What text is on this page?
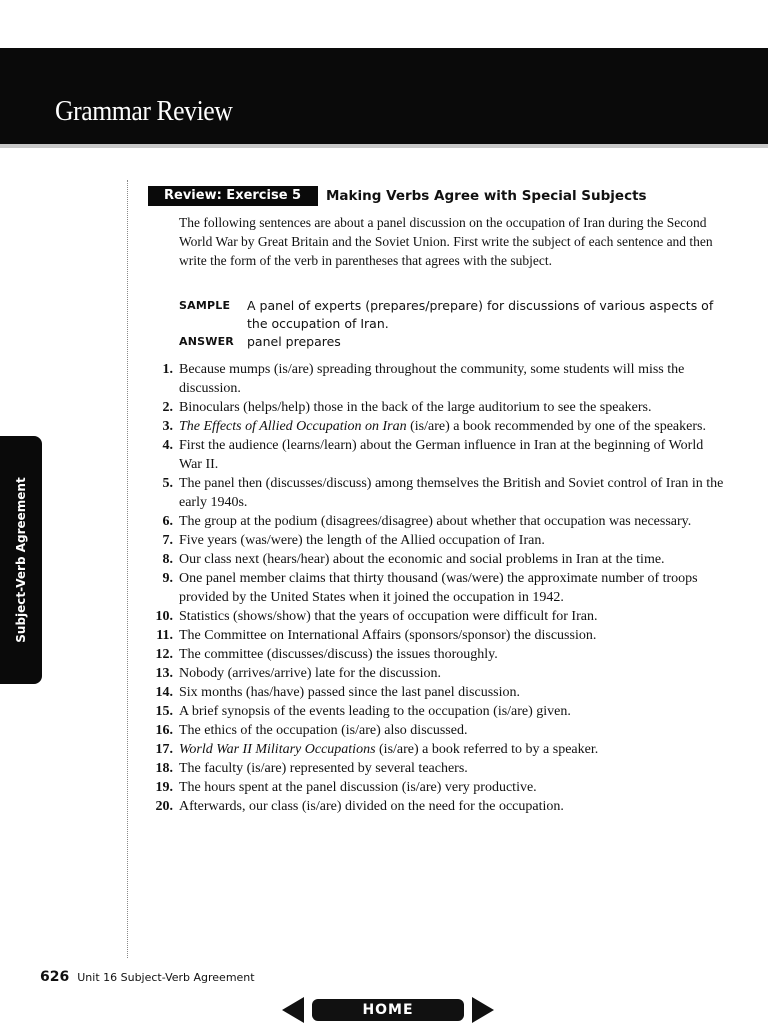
Grammar Review
Subject-Verb Agreement
Review: Exercise 5	Making Verbs Agree with Special Subjects
The following sentences are about a panel discussion on the occupation of Iran during the Second World War by Great Britain and the Soviet Union. First write the subject of each sentence and then write the form of the verb in parentheses that agrees with the subject.
SAMPLE	A panel of experts (prepares/prepare) for discussions of various aspects of the occupation of Iran.
ANSWER	panel prepares
1. Because mumps (is/are) spreading throughout the community, some students will miss the discussion.
2. Binoculars (helps/help) those in the back of the large auditorium to see the speakers.
3. The Effects of Allied Occupation on Iran (is/are) a book recommended by one of the speakers.
4. First the audience (learns/learn) about the German influence in Iran at the beginning of World War II.
5. The panel then (discusses/discuss) among themselves the British and Soviet control of Iran in the early 1940s.
6. The group at the podium (disagrees/disagree) about whether that occupation was necessary.
7. Five years (was/were) the length of the Allied occupation of Iran.
8. Our class next (hears/hear) about the economic and social problems in Iran at the time.
9. One panel member claims that thirty thousand (was/were) the approximate number of troops provided by the United States when it joined the occupation in 1942.
10. Statistics (shows/show) that the years of occupation were difficult for Iran.
11. The Committee on International Affairs (sponsors/sponsor) the discussion.
12. The committee (discusses/discuss) the issues thoroughly.
13. Nobody (arrives/arrive) late for the discussion.
14. Six months (has/have) passed since the last panel discussion.
15. A brief synopsis of the events leading to the occupation (is/are) given.
16. The ethics of the occupation (is/are) also discussed.
17. World War II Military Occupations (is/are) a book referred to by a speaker.
18. The faculty (is/are) represented by several teachers.
19. The hours spent at the panel discussion (is/are) very productive.
20. Afterwards, our class (is/are) divided on the need for the occupation.
626 Unit 16 Subject-Verb Agreement
HOME
